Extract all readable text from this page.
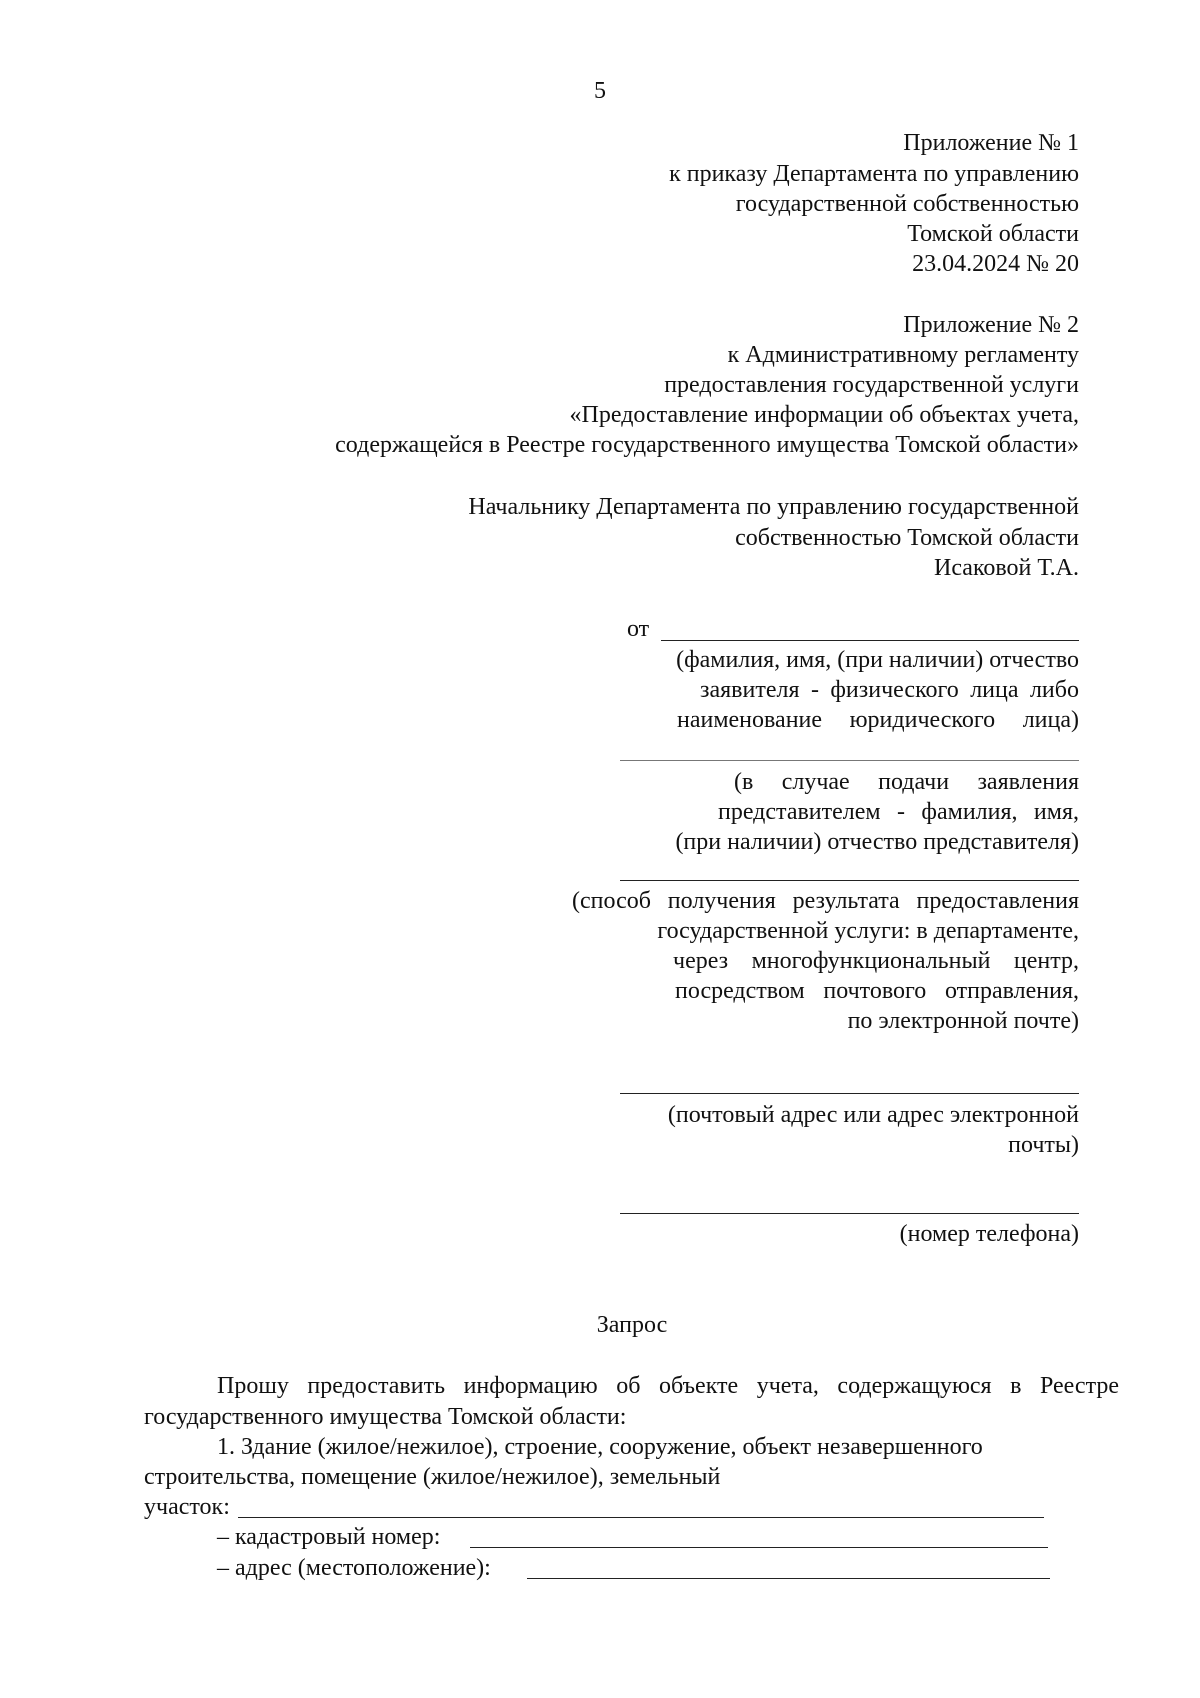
5
Приложение № 1
к приказу Департамента по управлению
государственной собственностью
Томской области
23.04.2024 № 20
Приложение № 2
к Административному регламенту
предоставления государственной услуги
«Предоставление информации об объектах учета,
содержащейся в Реестре государственного имущества Томской области»
Начальнику Департамента по управлению государственной
собственностью Томской области
Исаковой Т.А.
от
(фамилия, имя, (при наличии) отчество
заявителя - физического лица либо
наименование юридического лица)
(в случае подачи заявления
представителем - фамилия, имя,
(при наличии) отчество представителя)
(способ получения результата предоставления
государственной услуги: в департаменте,
через многофункциональный центр,
посредством почтового отправления,
по электронной почте)
(почтовый адрес или адрес электронной
почты)
(номер телефона)
Запрос
Прошу предоставить информацию об объекте учета, содержащуюся в Реестре
государственного имущества Томской области:
1. Здание (жилое/нежилое), строение, сооружение, объект незавершенного
строительства, помещение (жилое/нежилое), земельный
участок:
– кадастровый номер:
– адрес (местоположение):
